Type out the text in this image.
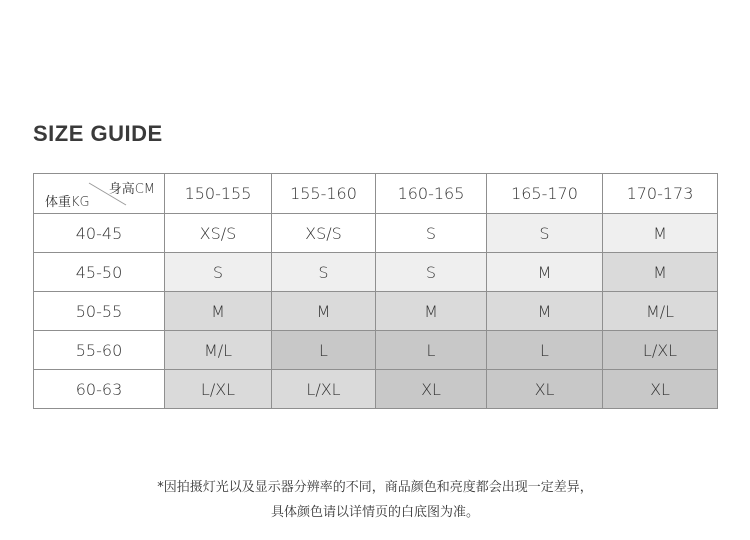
SIZE GUIDE
身高CM
体重KG	150-155	155-160	160-165	165-170	170-173
40-45	XS/S	XS/S	S	S	M
45-50	S	S	S	M	M
50-55	M	M	M	M	M/L
55-60	M/L	L	L	L	L/XL
60-63	L/XL	L/XL	XL	XL	XL
*因拍摄灯光以及显示器分辨率的不同，商品颜色和亮度都会出现一定差异，
具体颜色请以详情页的白底图为准。
